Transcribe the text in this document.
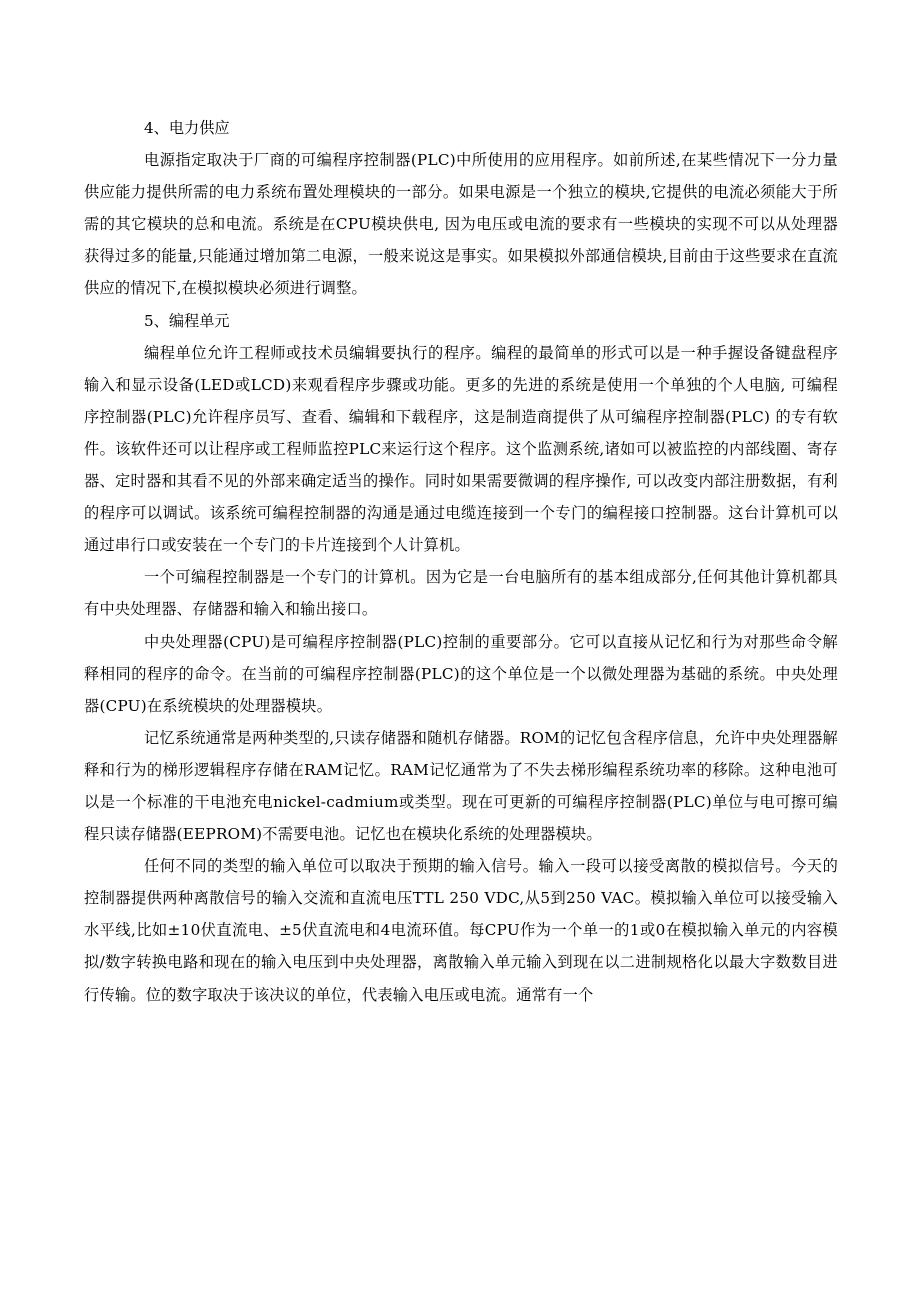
4、电力供应

电源指定取决于厂商的可编程序控制器(PLC)中所使用的应用程序。如前所述,在某些情况下一分力量供应能力提供所需的电力系统布置处理模块的一部分。如果电源是一个独立的模块,它提供的电流必须能大于所需的其它模块的总和电流。系统是在CPU模块供电, 因为电压或电流的要求有一些模块的实现不可以从处理器获得过多的能量,只能通过增加第二电源，一般来说这是事实。如果模拟外部通信模块,目前由于这些要求在直流供应的情况下,在模拟模块必须进行调整。

5、编程单元

编程单位允许工程师或技术员编辑要执行的程序。编程的最简单的形式可以是一种手握设备键盘程序输入和显示设备(LED或LCD)来观看程序步骤或功能。更多的先进的系统是使用一个单独的个人电脑, 可编程序控制器(PLC)允许程序员写、查看、编辑和下载程序，这是制造商提供了从可编程序控制器(PLC) 的专有软件。该软件还可以让程序或工程师监控PLC来运行这个程序。这个监测系统,诸如可以被监控的内部线圈、寄存器、定时器和其看不见的外部来确定适当的操作。同时如果需要微调的程序操作, 可以改变内部注册数据，有利的程序可以调试。该系统可编程控制器的沟通是通过电缆连接到一个专门的编程接口控制器。这台计算机可以通过串行口或安装在一个专门的卡片连接到个人计算机。

一个可编程控制器是一个专门的计算机。因为它是一台电脑所有的基本组成部分,任何其他计算机都具有中央处理器、存储器和输入和输出接口。

中央处理器(CPU)是可编程序控制器(PLC)控制的重要部分。它可以直接从记忆和行为对那些命令解释相同的程序的命令。在当前的可编程序控制器(PLC)的这个单位是一个以微处理器为基础的系统。中央处理器(CPU)在系统模块的处理器模块。

记忆系统通常是两种类型的,只读存储器和随机存储器。ROM的记忆包含程序信息，允许中央处理器解释和行为的梯形逻辑程序存储在RAM记忆。RAM记忆通常为了不失去梯形编程系统功率的移除。这种电池可以是一个标准的干电池充电nickel-cadmium或类型。现在可更新的可编程序控制器(PLC)单位与电可擦可编程只读存储器(EEPROM)不需要电池。记忆也在模块化系统的处理器模块。

任何不同的类型的输入单位可以取决于预期的输入信号。输入一段可以接受离散的模拟信号。今天的控制器提供两种离散信号的输入交流和直流电压TTL 250 VDC,从5到250 VAC。模拟输入单位可以接受输入水平线,比如±10伏直流电、±5伏直流电和4电流环值。每CPU作为一个单一的1或0在模拟输入单元的内容模拟/数字转换电路和现在的输入电压到中央处理器，离散输入单元输入到现在以二进制规格化以最大字数数目进行传输。位的数字取决于该决议的单位，代表输入电压或电流。通常有一个
